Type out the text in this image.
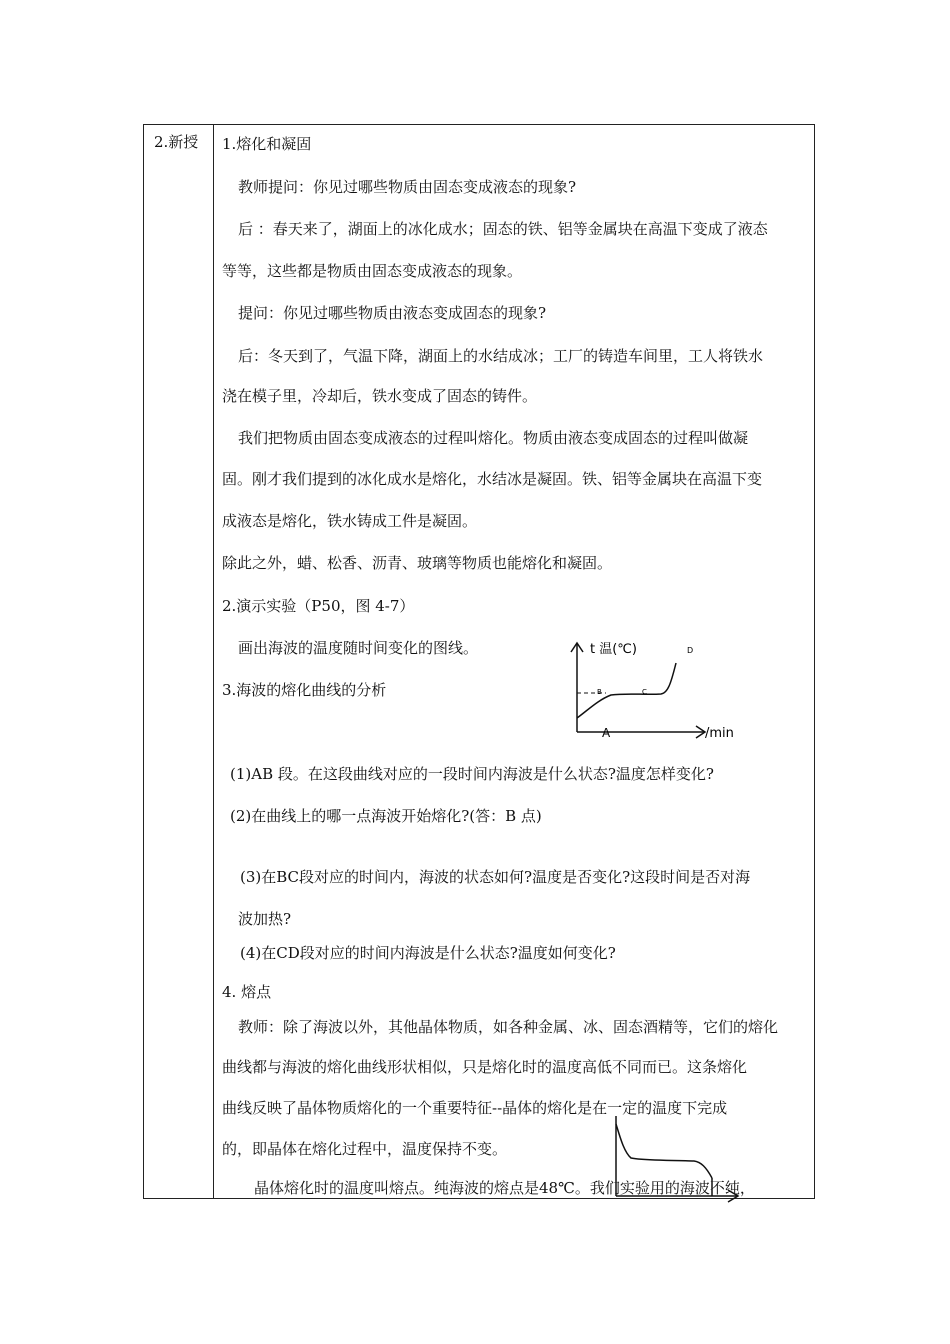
2.新授 1.熔化和凝固
教师提问：你见过哪些物质由固态变成液态的现象?
后 ：春天来了，湖面上的冰化成水；固态的铁、铝等金属块在高温下变成了液态
等等，这些都是物质由固态变成液态的现象。
提问：你见过哪些物质由液态变成固态的现象?
后：冬天到了，气温下降，湖面上的水结成冰；工厂的铸造车间里，工人将铁水
浇在模子里，冷却后，铁水变成了固态的铸件。
我们把物质由固态变成液态的过程叫熔化。物质由液态变成固态的过程叫做凝
固。刚才我们提到的冰化成水是熔化，水结冰是凝固。铁、铝等金属块在高温下变
成液态是熔化，铁水铸成工件是凝固。
除此之外，蜡、松香、沥青、玻璃等物质也能熔化和凝固。
2.演示实验（P50，图 4-7）
画出海波的温度随时间变化的图线。
3.海波的熔化曲线的分析
(1)AB 段。在这段曲线对应的一段时间内海波是什么状态?温度怎样变化?
(2)在曲线上的哪一点海波开始熔化?(答：B 点)
(3)在BC段对应的时间内，海波的状态如何?温度是否变化?这段时间是否对海
波加热?
(4)在CD段对应的时间内海波是什么状态?温度如何变化?
4. 熔点
教师：除了海波以外，其他晶体物质，如各种金属、冰、固态酒精等，它们的熔化
曲线都与海波的熔化曲线形状相似，只是熔化时的温度高低不同而已。这条熔化
曲线反映了晶体物质熔化的一个重要特征--晶体的熔化是在一定的温度下完成
的，即晶体在熔化过程中，温度保持不变。
晶体熔化时的温度叫熔点。纯海波的熔点是48℃。我们实验用的海波不纯，
t 温(℃)
/min
A
B	C
D
